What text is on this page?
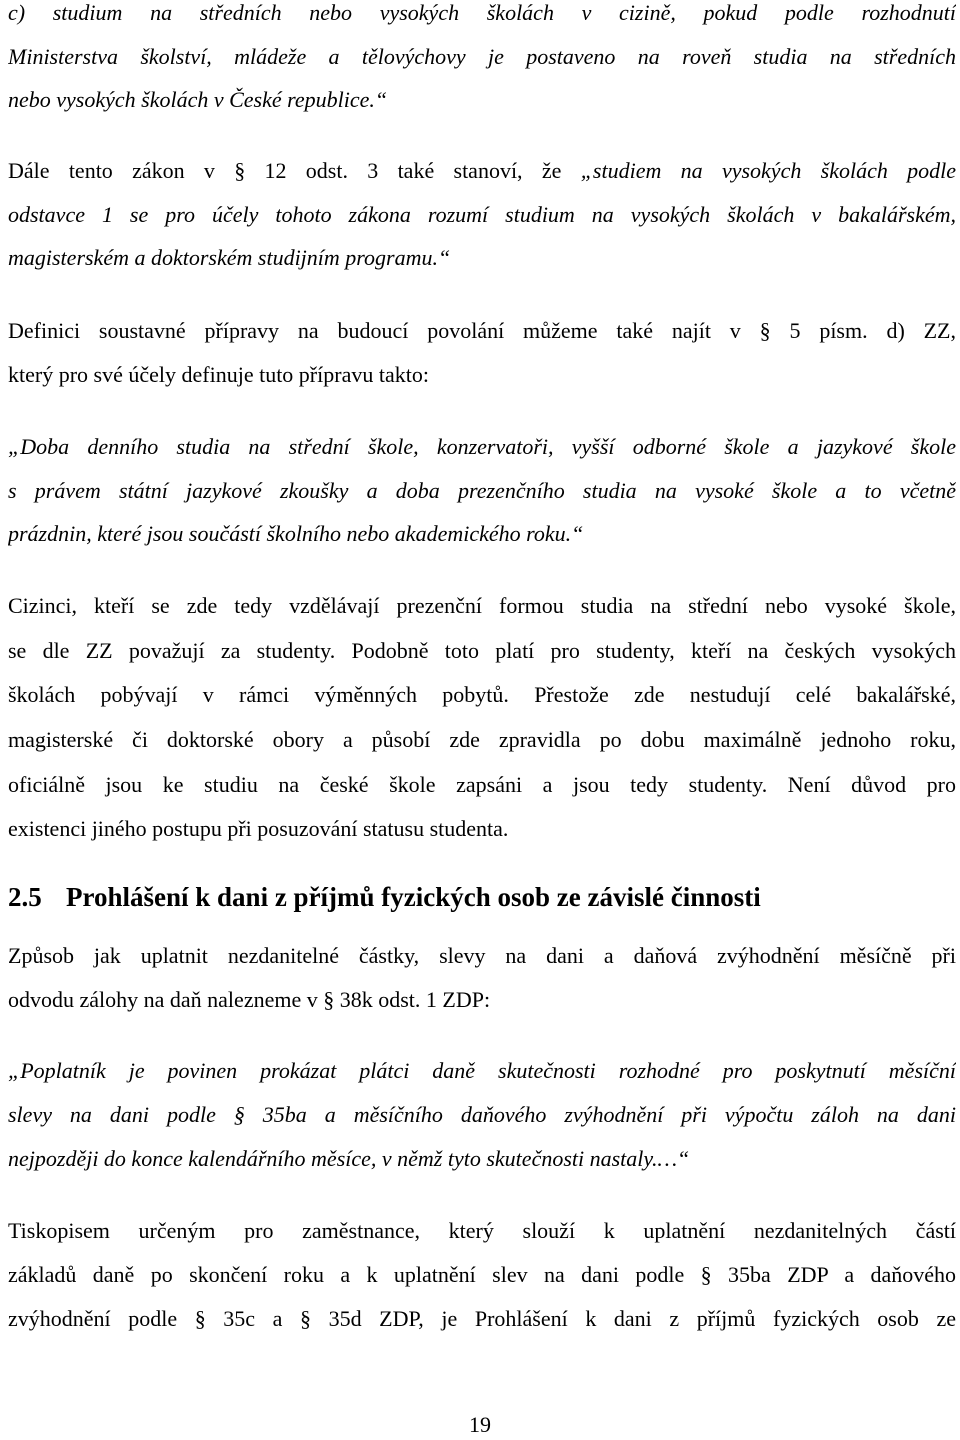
c) studium na středních nebo vysokých školách v cizině, pokud podle rozhodnutí
Ministerstva školství, mládeže a tělovýchovy je postaveno na roveň studia na středních
nebo vysokých školách v České republice.“
Dále tento zákon v § 12 odst. 3 také stanoví, že „studiem na vysokých školách podle
odstavce 1 se pro účely tohoto zákona rozumí studium na vysokých školách v bakalářském,
magisterském a doktorském studijním programu.“
Definici soustavné přípravy na budoucí povolání můžeme také najít v § 5 písm. d) ZZ,
který pro své účely definuje tuto přípravu takto:
„Doba denního studia na střední škole, konzervatoři, vyšší odborné škole a jazykové škole
s právem státní jazykové zkoušky a doba prezenčního studia na vysoké škole a to včetně
prázdnin, které jsou součástí školního nebo akademického roku.“
Cizinci, kteří se zde tedy vzdělávají prezenční formou studia na střední nebo vysoké škole,
se dle ZZ považují za studenty. Podobně toto platí pro studenty, kteří na českých vysokých
školách pobývají v rámci výměnných pobytů. Přestože zde nestudují celé bakalářské,
magisterské či doktorské obory a působí zde zpravidla po dobu maximálně jednoho roku,
oficiálně jsou ke studiu na české škole zapsáni a jsou tedy studenty. Není důvod pro
existenci jiného postupu při posuzování statusu studenta.
2.5 Prohlášení k dani z příjmů fyzických osob ze závislé činnosti
Způsob jak uplatnit nezdanitelné částky, slevy na dani a daňová zvýhodnění měsíčně při
odvodu zálohy na daň nalezneme v § 38k odst. 1 ZDP:
„Poplatník je povinen prokázat plátci daně skutečnosti rozhodné pro poskytnutí měsíční
slevy na dani podle § 35ba a měsíčního daňového zvýhodnění při výpočtu záloh na dani
nejpozději do konce kalendářního měsíce, v němž tyto skutečnosti nastaly.…“
Tiskopisem určeným pro zaměstnance, který slouží k uplatnění nezdanitelných částí
základů daně po skončení roku a k uplatnění slev na dani podle § 35ba ZDP a daňového
zvýhodnění podle § 35c a § 35d ZDP, je Prohlášení k dani z příjmů fyzických osob ze
19
